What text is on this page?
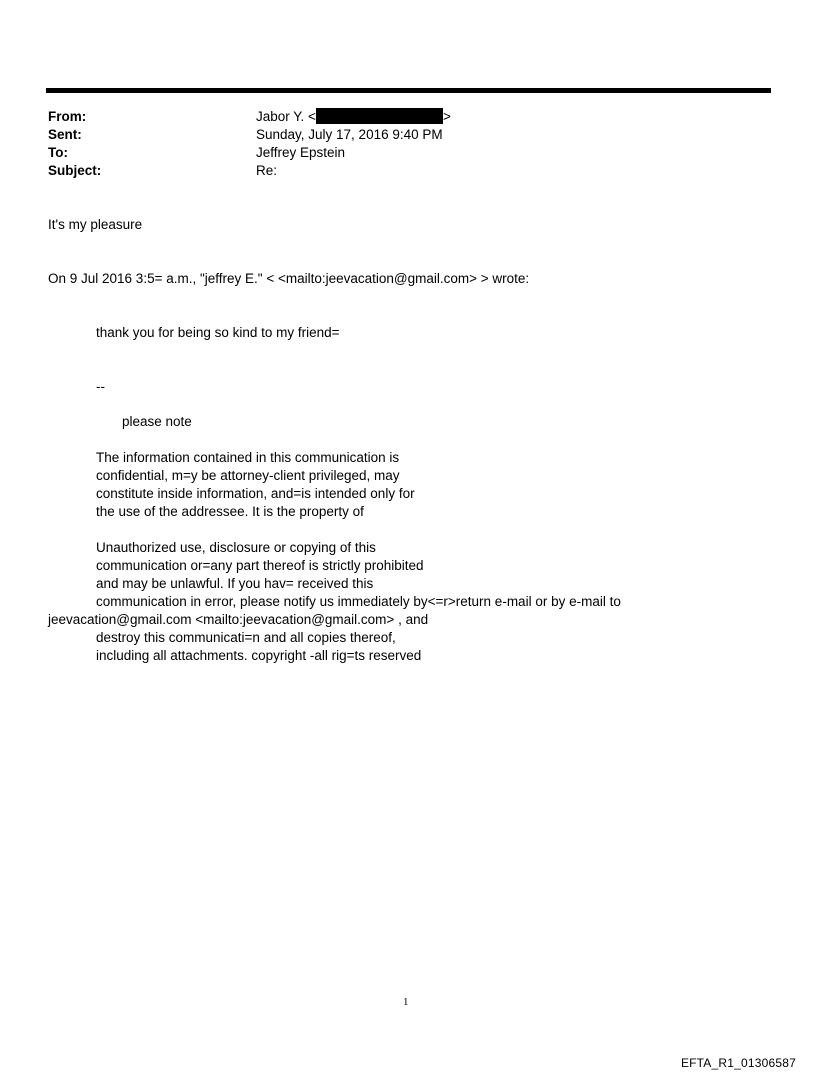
From:	Jabor Y. <	>
Sent:	Sunday, July 17, 2016 9:40 PM
To:	Jeffrey Epstein
Subject:	Re:
It's my pleasure
On 9 Jul 2016 3:5= a.m., "jeffrey E." < <mailto:jeevacation@gmail.com> > wrote:
thank you for being so kind to my friend=
--
please note
The information contained in this communication is
confidential, m=y be attorney-client privileged, may
constitute inside information, and=is intended only for
the use of the addressee. It is the property of
Unauthorized use, disclosure or copying of this
communication or=any part thereof is strictly prohibited
and may be unlawful. If you hav= received this
communication in error, please notify us immediately by<=r>return e-mail or by e-mail to
jeevacation@gmail.com <mailto:jeevacation@gmail.com> , and
destroy this communicati=n and all copies thereof,
including all attachments. copyright -all rig=ts reserved
1
EFTA_R1_01306587
